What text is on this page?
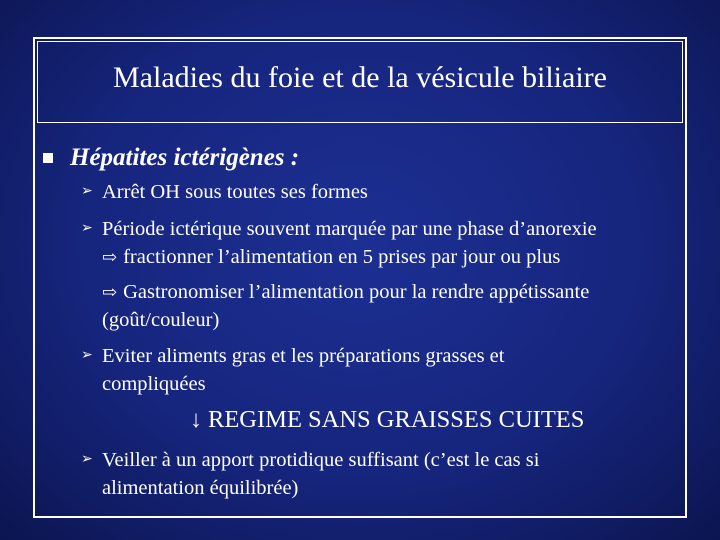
Maladies du foie et de la vésicule biliaire
Hépatites ictérigènes :
➢ Arrêt OH sous toutes ses formes
➢ Période ictérique souvent marquée par une phase d’anorexie
⇨ fractionner l’alimentation en 5 prises par jour ou plus
⇨ Gastronomiser l’alimentation pour la rendre appétissante
(goût/couleur)
➢ Eviter aliments gras et les préparations grasses et
compliquées
↓ REGIME SANS GRAISSES CUITES
➢ Veiller à un apport protidique suffisant (c’est le cas si
alimentation équilibrée)
